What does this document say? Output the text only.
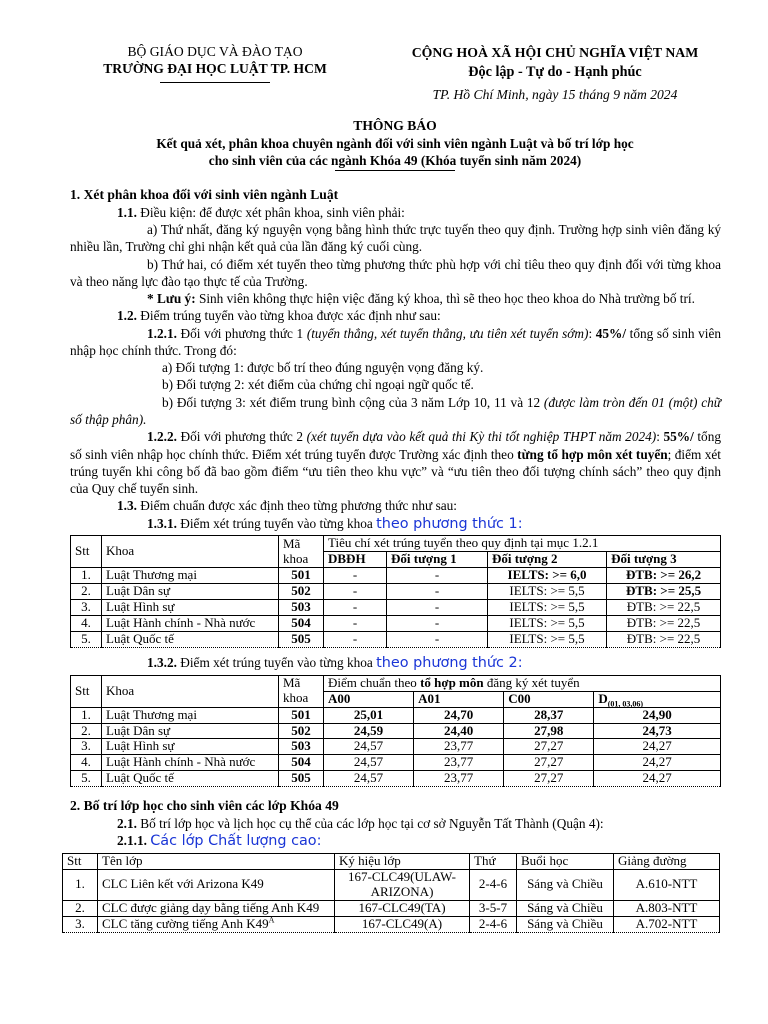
BỘ GIÁO DỤC VÀ ĐÀO TẠO
TRƯỜNG ĐẠI HỌC LUẬT TP. HCM
CỘNG HOÀ XÃ HỘI CHỦ NGHĨA VIỆT NAM
Độc lập - Tự do - Hạnh phúc
TP. Hồ Chí Minh, ngày 15 tháng 9 năm 2024
THÔNG BÁO
Kết quả xét, phân khoa chuyên ngành đối với sinh viên ngành Luật và bố trí lớp học
cho sinh viên của các ngành Khóa 49 (Khóa tuyển sinh năm 2024)

1. Xét phân khoa đối với sinh viên ngành Luật

1.1. Điều kiện: để được xét phân khoa, sinh viên phải:

a) Thứ nhất, đăng ký nguyện vọng bằng hình thức trực tuyến theo quy định. Trường hợp sinh viên đăng ký nhiều lần, Trường chỉ ghi nhận kết quả của lần đăng ký cuối cùng.

b) Thứ hai, có điểm xét tuyển theo từng phương thức phù hợp với chỉ tiêu theo quy định đối với từng khoa và theo năng lực đào tạo thực tế của Trường.

* Lưu ý: Sinh viên không thực hiện việc đăng ký khoa, thì sẽ theo học theo khoa do Nhà trường bố trí.

1.2. Điểm trúng tuyển vào từng khoa được xác định như sau:

1.2.1. Đối với phương thức 1 (tuyển thẳng, xét tuyển thẳng, ưu tiên xét tuyển sớm): 45%/ tổng số sinh viên nhập học chính thức. Trong đó:

a) Đối tượng 1: được bố trí theo đúng nguyện vọng đăng ký.

b) Đối tượng 2: xét điểm của chứng chỉ ngoại ngữ quốc tế.

b) Đối tượng 3: xét điểm trung bình cộng của 3 năm Lớp 10, 11 và 12 (được làm tròn đến 01 (một) chữ số thập phân).

1.2.2. Đối với phương thức 2 (xét tuyển dựa vào kết quả thi Kỳ thi tốt nghiệp THPT năm 2024): 55%/ tổng số sinh viên nhập học chính thức. Điểm xét trúng tuyển được Trường xác định theo từng tổ hợp môn xét tuyển; điểm xét trúng tuyển khi công bố đã bao gồm điểm “ưu tiên theo khu vực” và “ưu tiên theo đối tượng chính sách” theo quy định của Quy chế tuyển sinh.

1.3. Điểm chuẩn được xác định theo từng phương thức như sau:

1.3.1. Điểm xét trúng tuyển vào từng khoa theo phương thức 1:

Stt	Khoa	Mã khoa	Tiêu chí xét trúng tuyển theo quy định tại mục 1.2.1			
			DBĐH	Đối tượng 1	Đối tượng 2	Đối tượng 3
1.	Luật Thương mại	501	-	-	IELTS: >= 6,0	ĐTB: >= 26,2
2.	Luật Dân sự	502	-	-	IELTS: >= 5,5	ĐTB: >= 25,5
3.	Luật Hình sự	503	-	-	IELTS: >= 5,5	ĐTB: >= 22,5
4.	Luật Hành chính - Nhà nước	504	-	-	IELTS: >= 5,5	ĐTB: >= 22,5
5.	Luật Quốc tế	505	-	-	IELTS: >= 5,5	ĐTB: >= 22,5

1.3.2. Điểm xét trúng tuyển vào từng khoa theo phương thức 2:

Stt	Khoa	Mã khoa	Điểm chuẩn theo tổ hợp môn đăng ký xét tuyển			
			A00	A01	C00	$D_{(01, 03,06)}$
1.	Luật Thương mại	501	25,01	24,70	28,37	24,90
2.	Luật Dân sự	502	24,59	24,40	27,98	24,73
3.	Luật Hình sự	503	24,57	23,77	27,27	24,27
4.	Luật Hành chính - Nhà nước	504	24,57	23,77	27,27	24,27
5.	Luật Quốc tế	505	24,57	23,77	27,27	24,27

2. Bố trí lớp học cho sinh viên các lớp Khóa 49

2.1. Bố trí lớp học và lịch học cụ thể của các lớp học tại cơ sở Nguyễn Tất Thành (Quận 4):

2.1.1. Các lớp Chất lượng cao:

Stt	Tên lớp	Ký hiệu lớp	Thứ	Buổi học	Giảng đường
1.	CLC Liên kết với Arizona K49	167-CLC49(ULAW-ARIZONA)	2-4-6	Sáng và Chiều	A.610-NTT
2.	CLC được giảng dạy bằng tiếng Anh K49	167-CLC49(TA)	3-5-7	Sáng và Chiều	A.803-NTT
3.	CLC tăng cường tiếng Anh $K49^A$	167-CLC49(A)	2-4-6	Sáng và Chiều	A.702-NTT
